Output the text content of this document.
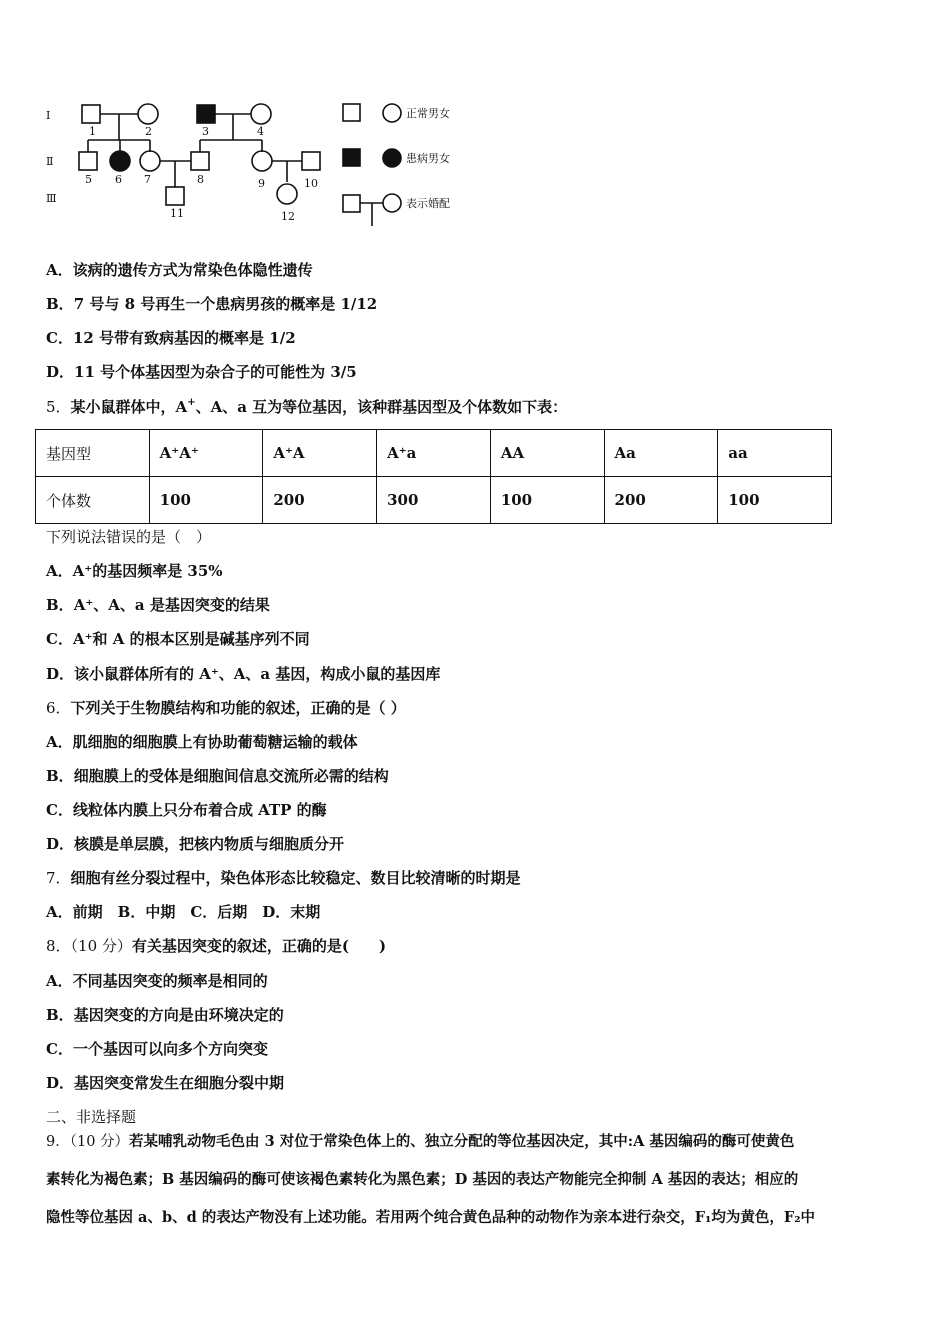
Ⅰ
Ⅱ
Ⅲ
1	2	3	4
5 6 7	8	9	10
11	12
正常男女
患病男女
表示婚配
A．该病的遗传方式为常染色体隐性遗传
B．7 号与 8 号再生一个患病男孩的概率是 1/12
C．12 号带有致病基因的概率是 1/2
D．11 号个体基因型为杂合子的可能性为 3/5
5．某小鼠群体中，A+、A、a 互为等位基因，该种群基因型及个体数如下表：
基因型	A⁺A⁺	A⁺A	A⁺a	AA	Aa	aa
个体数	100	200	300	100	200	100
下列说法错误的是（　）
A．A⁺的基因频率是 35%
B．A⁺、A、a 是基因突变的结果
C．A⁺和 A 的根本区别是碱基序列不同
D．该小鼠群体所有的 A⁺、A、a 基因，构成小鼠的基因库
6．下列关于生物膜结构和功能的叙述，正确的是（ ）
A．肌细胞的细胞膜上有协助葡萄糖运输的载体
B．细胞膜上的受体是细胞间信息交流所必需的结构
C．线粒体内膜上只分布着合成 ATP 的酶
D．核膜是单层膜，把核内物质与细胞质分开
7．细胞有丝分裂过程中，染色体形态比较稳定、数目比较清晰的时期是
A．前期　B．中期　C．后期　D．末期
8．（10 分）有关基因突变的叙述，正确的是(　　)
A．不同基因突变的频率是相同的
B．基因突变的方向是由环境决定的
C．一个基因可以向多个方向突变
D．基因突变常发生在细胞分裂中期
二、非选择题
9．（10 分）若某哺乳动物毛色由 3 对位于常染色体上的、独立分配的等位基因决定，其中:A 基因编码的酶可使黄色
素转化为褐色素；B 基因编码的酶可使该褐色素转化为黑色素；D 基因的表达产物能完全抑制 A 基因的表达；相应的
隐性等位基因 a、b、d 的表达产物没有上述功能。若用两个纯合黄色品种的动物作为亲本进行杂交，F₁均为黄色，F₂中
